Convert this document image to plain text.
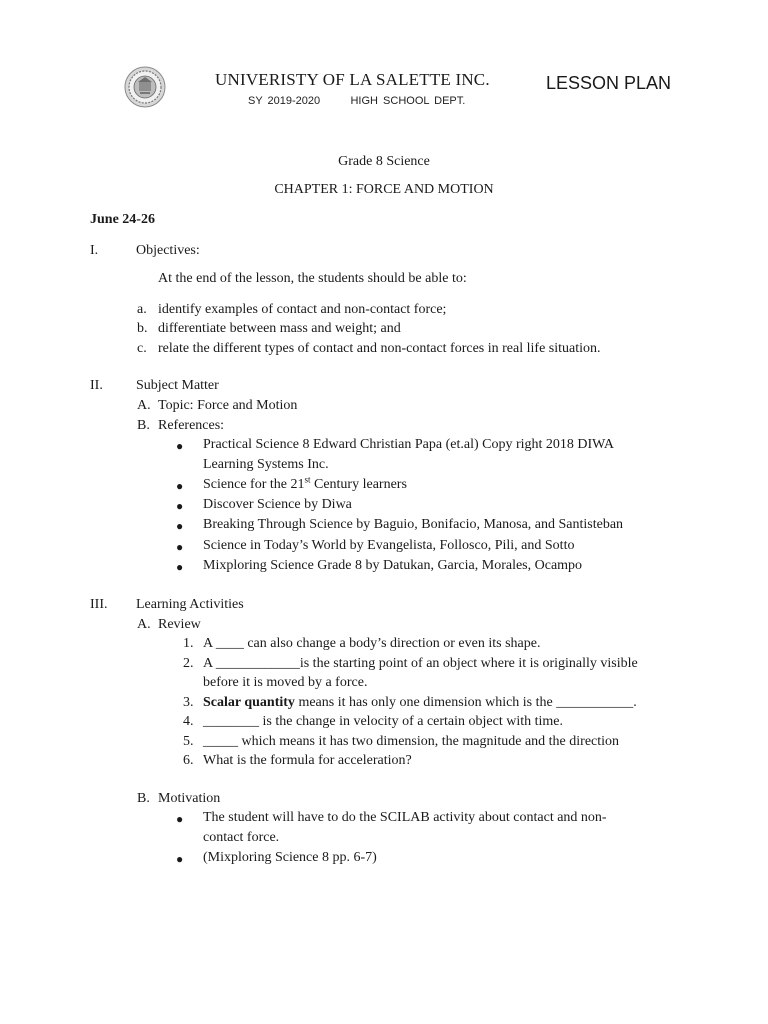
UNIVERISTY OF LA SALETTE INC.
SY 2019-2020	HIGH SCHOOL DEPT.
LESSON PLAN
Grade 8 Science
CHAPTER 1: FORCE AND MOTION
June 24-26
I.	Objectives:
At the end of the lesson, the students should be able to:
a. identify examples of contact and non-contact force;
b. differentiate between mass and weight; and
c. relate the different types of contact and non-contact forces in real life situation.
II. Subject Matter
A. Topic: Force and Motion
B. References:
● Practical Science 8 Edward Christian Papa (et.al) Copy right 2018 DIWA
Learning Systems Inc.
● Science for the 21st Century learners
● Discover Science by Diwa
● Breaking Through Science by Baguio, Bonifacio, Manosa, and Santisteban
● Science in Today’s World by Evangelista, Follosco, Pili, and Sotto
● Mixploring Science Grade 8 by Datukan, Garcia, Morales, Ocampo
III. Learning Activities
A. Review
1. A ____ can also change a body’s direction or even its shape.
2. A ____________is the starting point of an object where it is originally visible
before it is moved by a force.
3. Scalar quantity means it has only one dimension which is the ___________.
4. ________ is the change in velocity of a certain object with time.
5. _____ which means it has two dimension, the magnitude and the direction
6. What is the formula for acceleration?
B. Motivation
● The student will have to do the SCILAB activity about contact and non-
contact force.
● (Mixploring Science 8 pp. 6-7)
